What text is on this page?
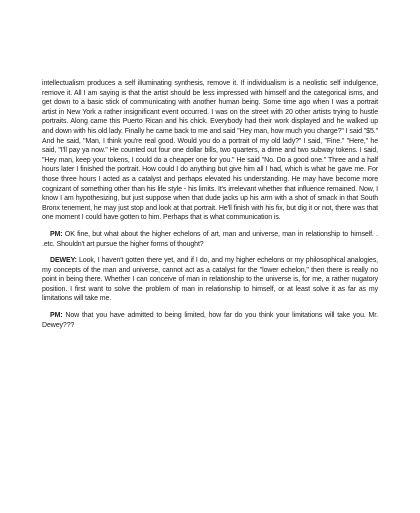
intellectualism produces a self illuminating synthesis, remove it. If individualism is a neolistic self indulgence, remove it. All I am saying is that the artist should be less impressed with himself and the categorical isms, and get down to a basic stick of communicating with another human being. Some time ago when I was a portrait artist in New York a rather insignificant event occurred. I was on the street with 20 other artists trying to hustle portraits. Along came this Puerto Rican and his chick. Everybody had their work displayed and he walked up and down with his old lady. Finally he came back to me and said "Hey man, how much you charge?" I said "$5." And he said, "Man, I think you're real good. Would you do a portrait of my old lady?" I said, "Fine." "Here," he said, "I'll pay ya now." He counted out four one dollar bills, two quarters, a dime and two subway tokens. I said, "Hey man, keep your tokens, I could do a cheaper one for you." He said "No. Do a good one." Three and a half hours later I finished the portrait. How could I do anything but give him all I had, which is what he gave me. For those three hours I acted as a catalyst and perhaps elevated his understanding. He may have become more cognizant of something other than his life style - his limits. It's irrelevant whether that influence remained. Now, I know I am hypothesizing, but just suppose when that dude jacks up his arm with a shot of smack in that South Bronx tenement, he may just stop and look at that portrait. He'll finish with his fix, but dig it or not, there was that one moment I could have gotten to him. Perhaps that is what communication is.

PM: OK fine, but what about the higher echelons of art, man and universe, man in relationship to himself. . .etc. Shouldn't art pursue the higher forms of thought?

DEWEY: Look, I haven't gotten there yet, and if I do, and my higher echelons or my philosophical analogies, my concepts of the man and universe, cannot act as a catalyst for the "lower echelon," then there is really no point in being there. Whether I can conceive of man in relationship to the universe is, for me, a rather nugatory position. I first want to solve the problem of man in relationship to himself, or at least solve it as far as my limitations will take me.

PM: Now that you have admitted to being limited, how far do you think your limitations will take you. Mr. Dewey???
